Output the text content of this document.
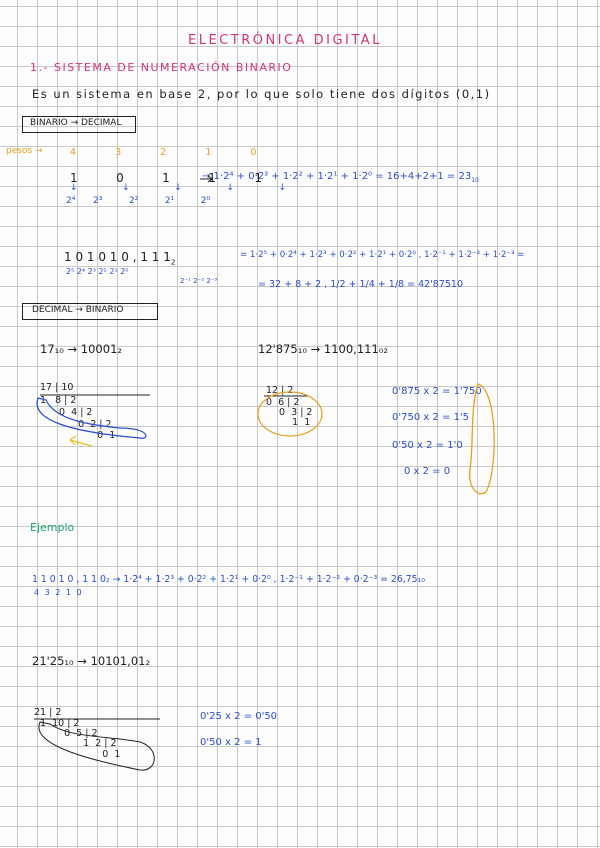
ELECTRÓNICA DIGITAL
1.- SISTEMA DE NUMERACIÓN BINARIO
Es un sistema en base 2, por lo que solo tiene dos dígitos (0,1)
BINARIO → DECIMAL
pesos →	4   3   2   1   0
1   0   1   1   1
↓   ↓   ↓   ↓   ↓
2⁴  2³   2²   2¹   2⁰
→ $1\cdot 2^4 + 0\cdot 2^3 + 1\cdot 2^2 + 1\cdot 2^1 + 1\cdot 2^0 = 16+4+2+1 = 23_{10}$
1 0 1 0 1 0 , 1 1 $1_2$
2⁵ 2⁴ 2³ 2² 2¹ 2⁰
2⁻¹ 2⁻² 2⁻³
= 1·2⁵ + 0·2⁴ + 1·2³ + 0·2² + 1·2¹ + 0·2⁰ , 1·2⁻¹ + 1·2⁻² + 1·2⁻³ =
= 32 + 8 + 2 , 1/2 + 1/4 + 1/8 = 42'87510
DECIMAL → BINARIO
17₁₀ → 10001₂	12'875₁₀ → 1100,111₀₂
17 | 10
1   8 | 2
0  4 | 2
0  2 | 2
0  1
12 | 2
0  6 | 2
0  3 | 2
1  1
0'875 x 2 = 1'750
0'750 x 2 = 1'5
0'50 x 2 = 1'0
0 x 2 = 0
Ejemplo
1 1 0 1 0 , 1 1 0₂ → 1·2⁴ + 1·2³ + 0·2² + 1·2¹ + 0·2⁰ , 1·2⁻¹ + 1·2⁻² + 0·2⁻³ = 26,75₁₀
4 3 2 1 0
21'25₁₀ → 10101,01₂
21 | 2
1  10 | 2
0  5 | 2
1  2 | 2
0  1
0'25 x 2 = 0'50
0'50 x 2 = 1
